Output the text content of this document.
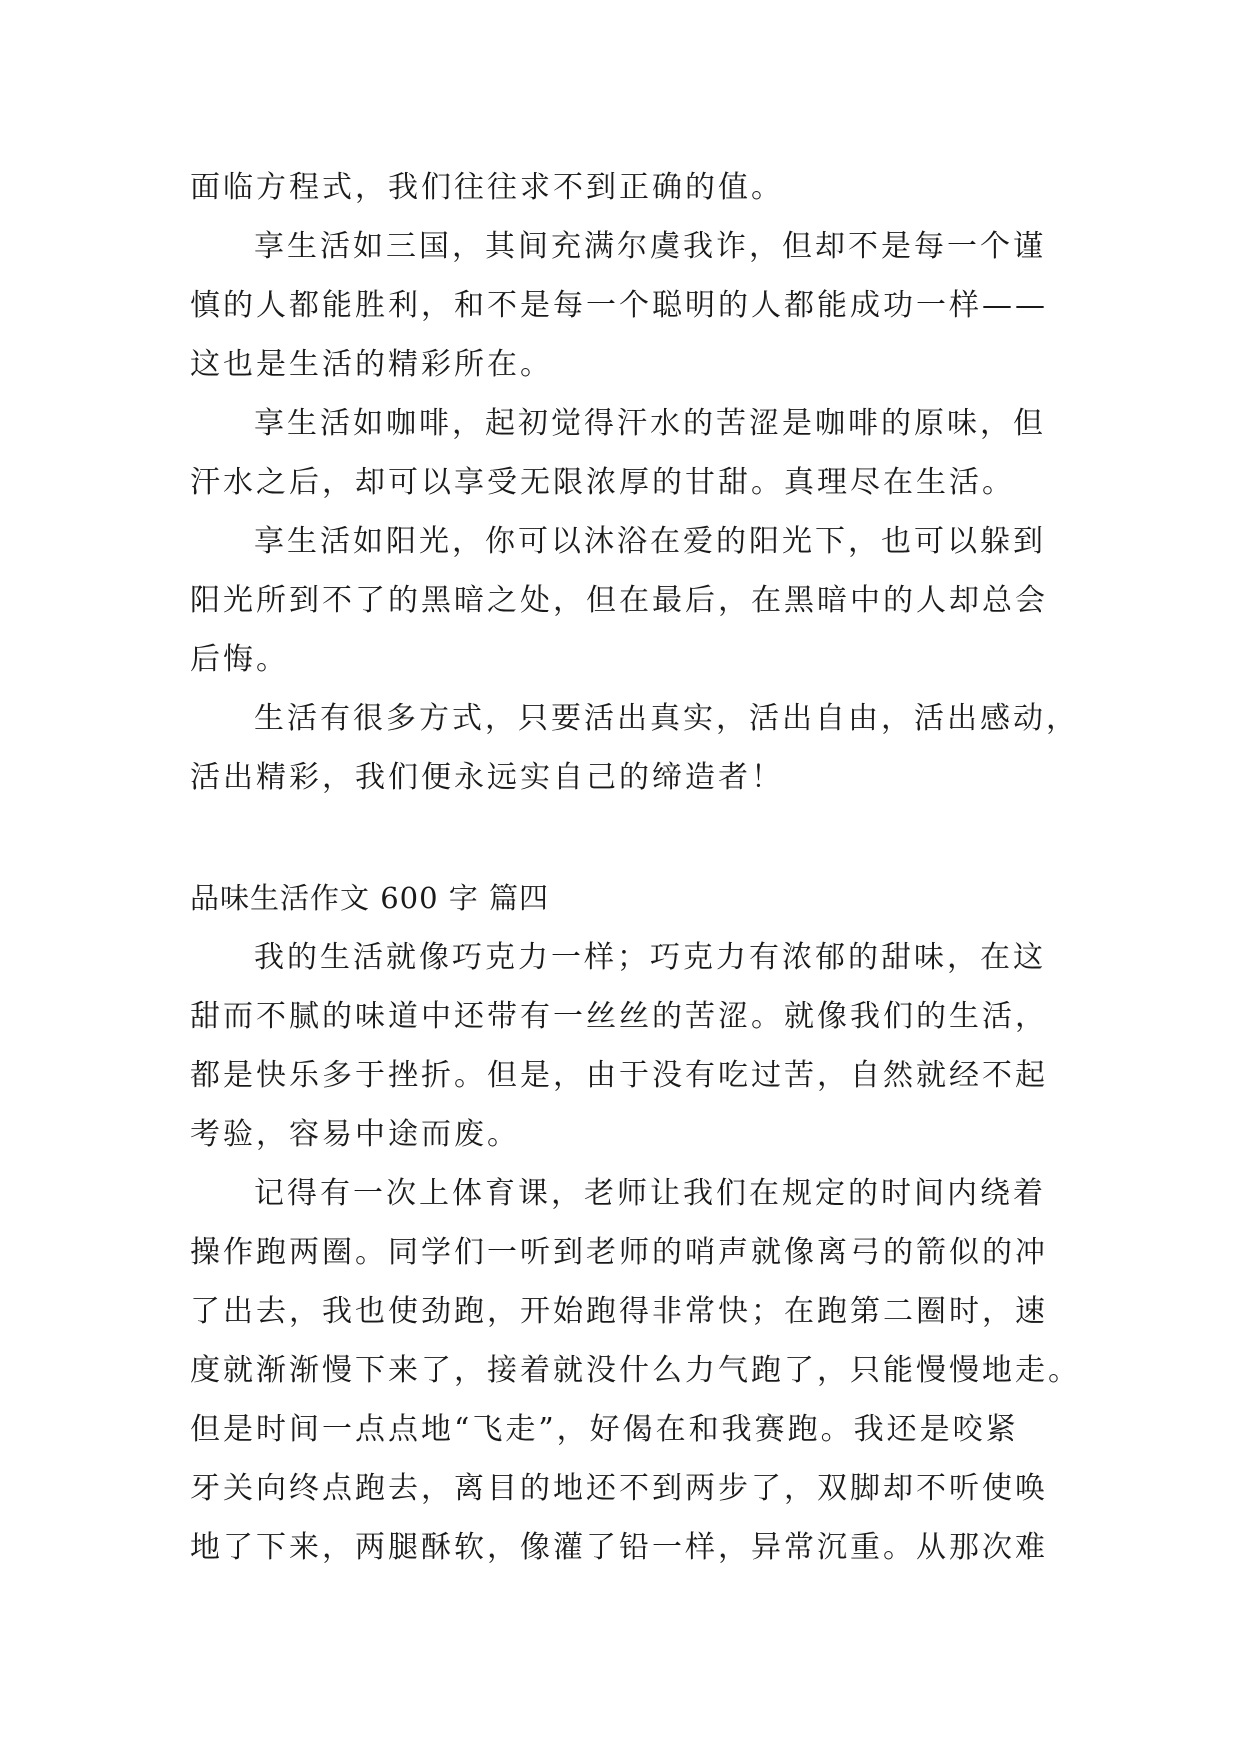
面临方程式，我们往往求不到正确的值。
享生活如三国，其间充满尔虞我诈，但却不是每一个谨
慎的人都能胜利，和不是每一个聪明的人都能成功一样——
这也是生活的精彩所在。
享生活如咖啡，起初觉得汗水的苦涩是咖啡的原味，但
汗水之后，却可以享受无限浓厚的甘甜。真理尽在生活。
享生活如阳光，你可以沐浴在爱的阳光下，也可以躲到
阳光所到不了的黑暗之处，但在最后，在黑暗中的人却总会
后悔。
生活有很多方式，只要活出真实，活出自由，活出感动，
活出精彩，我们便永远实自己的缔造者！
品味生活作文 600 字 篇四
我的生活就像巧克力一样；巧克力有浓郁的甜味，在这
甜而不腻的味道中还带有一丝丝的苦涩。就像我们的生活，
都是快乐多于挫折。但是，由于没有吃过苦，自然就经不起
考验，容易中途而废。
记得有一次上体育课，老师让我们在规定的时间内绕着
操作跑两圈。同学们一听到老师的哨声就像离弓的箭似的冲
了出去，我也使劲跑，开始跑得非常快；在跑第二圈时，速
度就渐渐慢下来了，接着就没什么力气跑了，只能慢慢地走。
但是时间一点点地“飞走”，好偈在和我赛跑。我还是咬紧
牙关向终点跑去，离目的地还不到两步了，双脚却不听使唤
地了下来，两腿酥软，像灌了铅一样，异常沉重。从那次难
